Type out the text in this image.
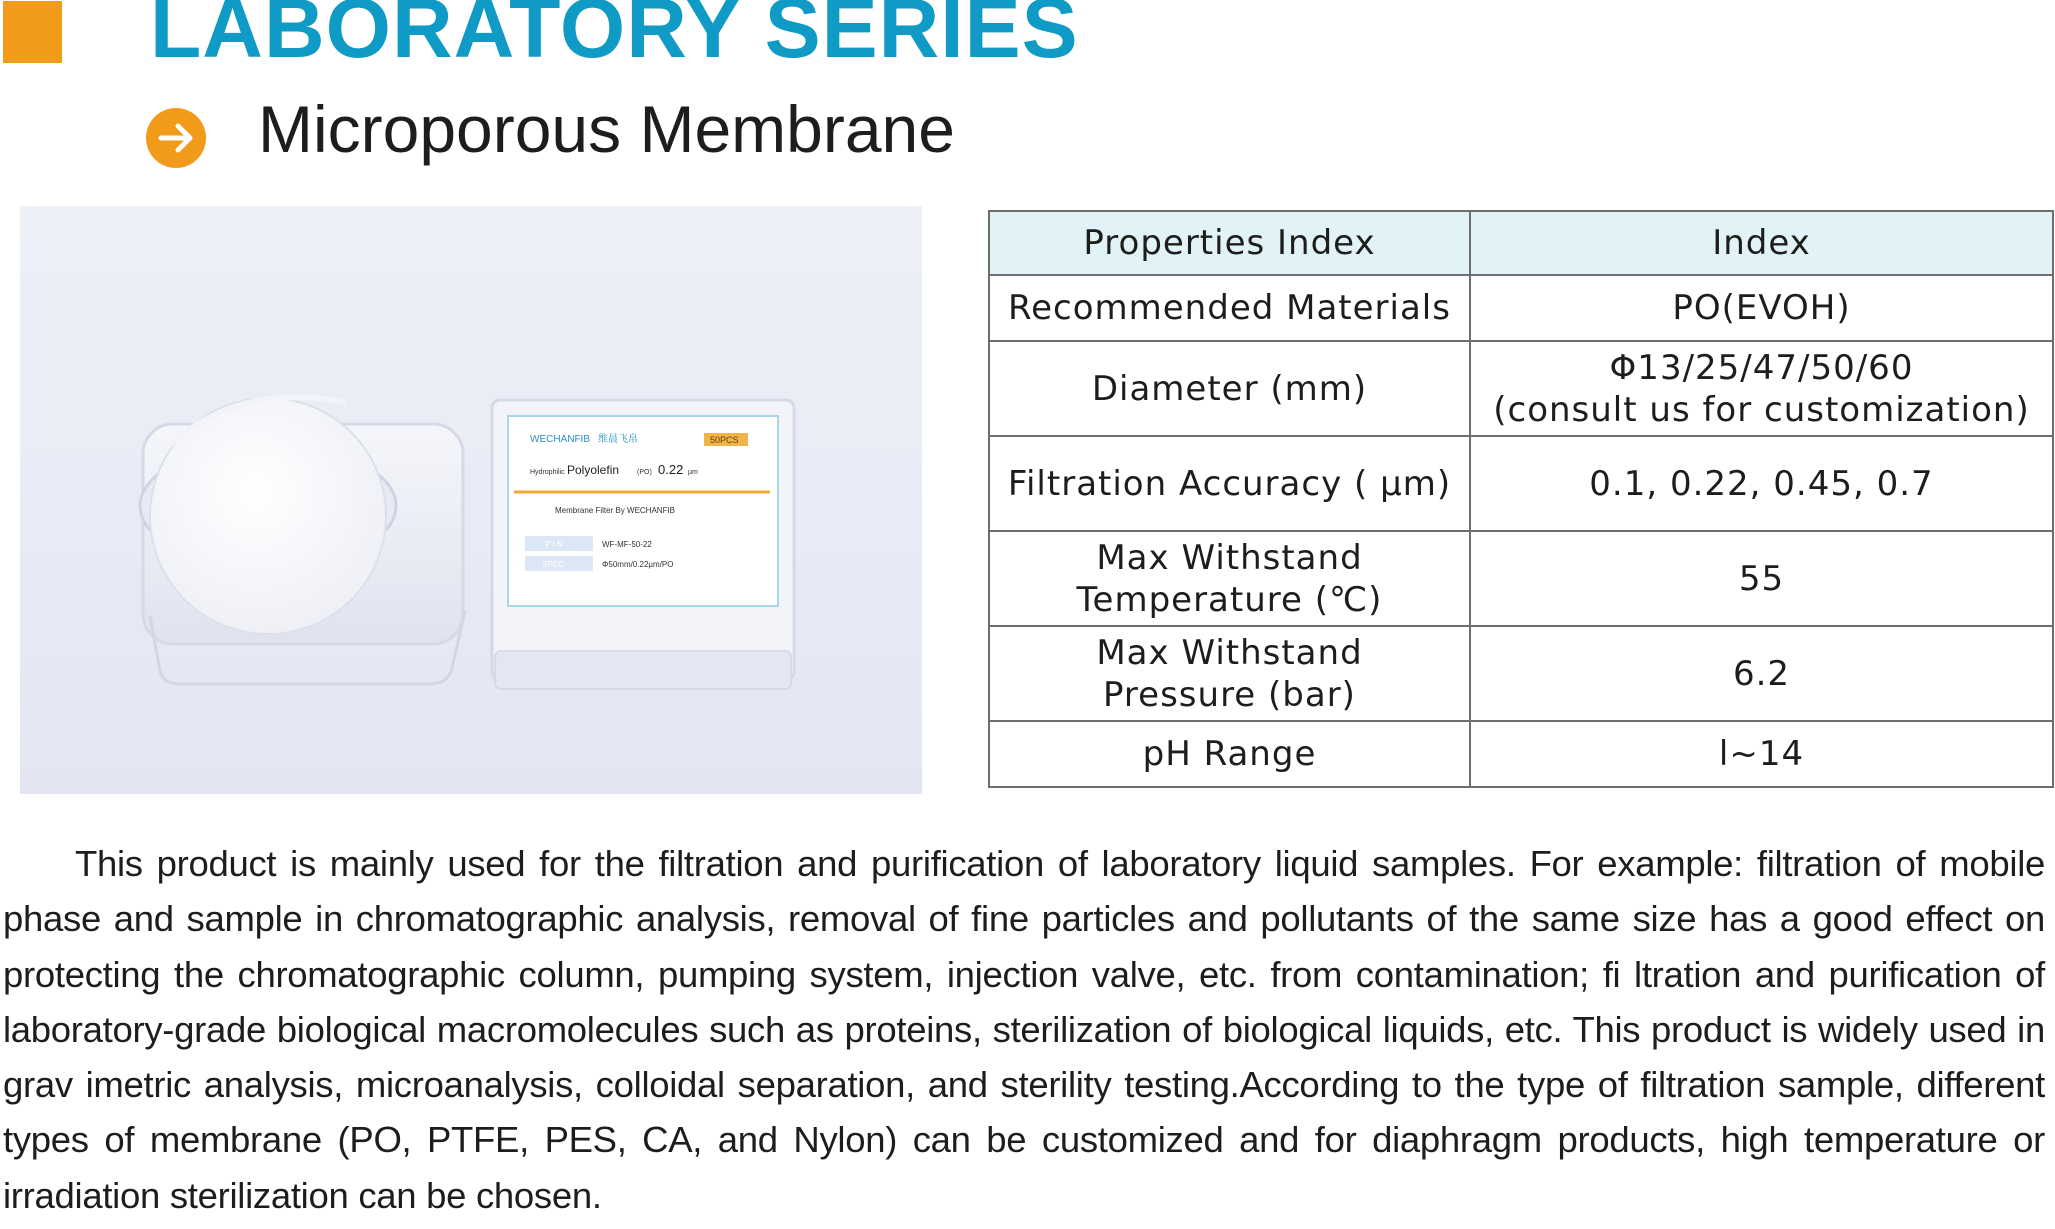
LABORATORY SERIES
Microporous Membrane
WECHANFIB 维晨飞帛	50PCS
Hydrophilic Polyolefin	(PO) 0.22 μm
Membrane Filter By WECHANFIB
P / N
SPEC
WF-MF-50-22
Φ50mm/0.22μm/PO
Properties Index	Index

Recommended Materials	PO(EVOH)

Diameter (mm)	Φ13/25/47/50/60
(consult us for customization)

Filtration Accuracy ( μm)	0.1, 0.22, 0.45, 0.7

Max Withstand
Temperature (℃)	55

Max Withstand
Pressure (bar)	6.2

pH Range	l~14

This product is mainly used for the filtration and purification of laboratory liquid samples. For example: filtration of mobile phase and sample in chromatographic analysis, removal of fine particles and pollutants of the same size has a good effect on protecting the chromatographic column, pumping system, injection valve, etc. from contamination; fi ltration and purification of laboratory-grade biological macromolecules such as proteins, sterilization of biological liquids, etc. This product is widely used in grav imetric analysis, microanalysis, colloidal separation, and sterility testing.According to the type of filtration sample, different types of membrane (PO, PTFE, PES, CA, and Nylon) can be customized and for diaphragm products, high temperature or irradiation sterilization can be chosen.
